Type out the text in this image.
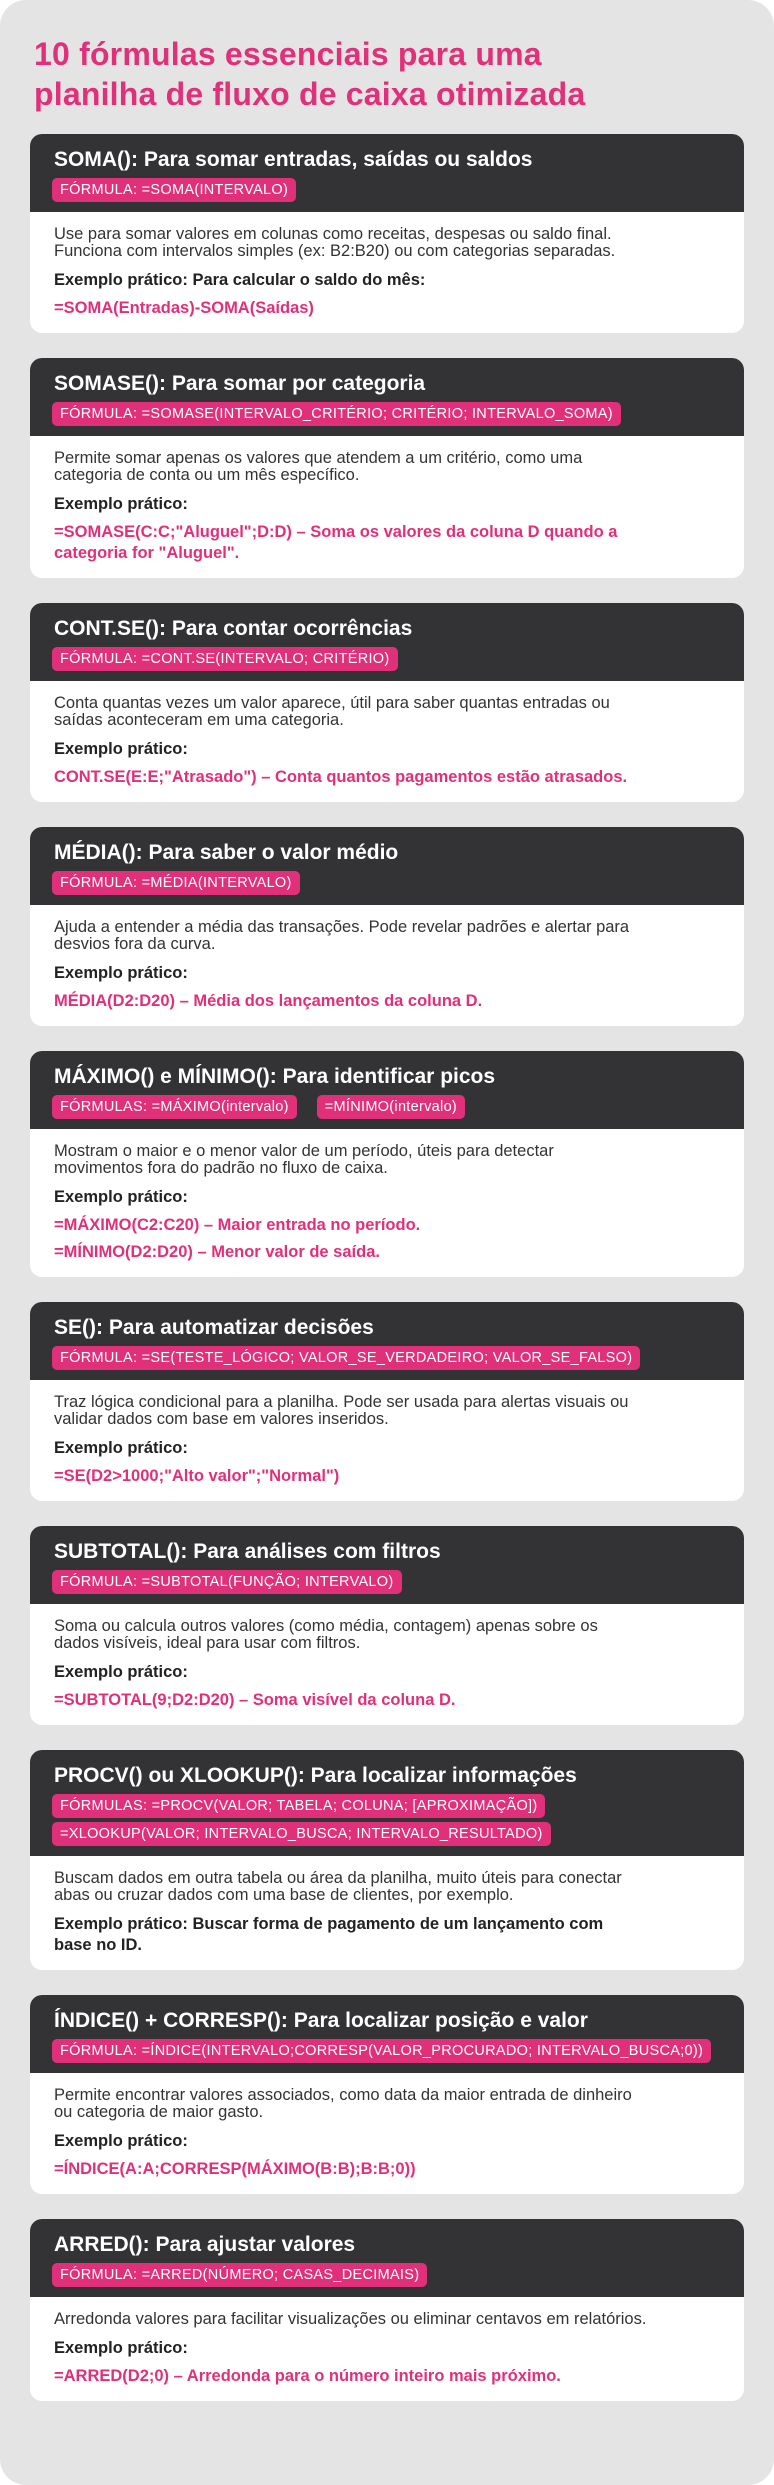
10 fórmulas essenciais para uma
planilha de fluxo de caixa otimizada
SOMA(): Para somar entradas, saídas ou saldos
FÓRMULA: =SOMA(INTERVALO)

Use para somar valores em colunas como receitas, despesas ou saldo final.
Funciona com intervalos simples (ex: B2:B20) ou com categorias separadas.

Exemplo prático: Para calcular o saldo do mês:

=SOMA(Entradas)-SOMA(Saídas)

SOMASE(): Para somar por categoria
FÓRMULA: =SOMASE(INTERVALO_CRITÉRIO; CRITÉRIO; INTERVALO_SOMA)

Permite somar apenas os valores que atendem a um critério, como uma
categoria de conta ou um mês específico.

Exemplo prático:

=SOMASE(C:C;"Aluguel";D:D) – Soma os valores da coluna D quando a

categoria for "Aluguel".

CONT.SE(): Para contar ocorrências
FÓRMULA: =CONT.SE(INTERVALO; CRITÉRIO)

Conta quantas vezes um valor aparece, útil para saber quantas entradas ou
saídas aconteceram em uma categoria.

Exemplo prático:

CONT.SE(E:E;"Atrasado") – Conta quantos pagamentos estão atrasados.

MÉDIA(): Para saber o valor médio
FÓRMULA: =MÉDIA(INTERVALO)

Ajuda a entender a média das transações. Pode revelar padrões e alertar para
desvios fora da curva.

Exemplo prático:

MÉDIA(D2:D20) – Média dos lançamentos da coluna D.

MÁXIMO() e MÍNIMO(): Para identificar picos
FÓRMULAS: =MÁXIMO(intervalo)	=MÍNIMO(intervalo)

Mostram o maior e o menor valor de um período, úteis para detectar
movimentos fora do padrão no fluxo de caixa.

Exemplo prático:

=MÁXIMO(C2:C20) – Maior entrada no período.

=MÍNIMO(D2:D20) – Menor valor de saída.

SE(): Para automatizar decisões
FÓRMULA: =SE(TESTE_LÓGICO; VALOR_SE_VERDADEIRO; VALOR_SE_FALSO)

Traz lógica condicional para a planilha. Pode ser usada para alertas visuais ou
validar dados com base em valores inseridos.

Exemplo prático:

=SE(D2>1000;"Alto valor";"Normal")

SUBTOTAL(): Para análises com filtros
FÓRMULA: =SUBTOTAL(FUNÇÃO; INTERVALO)

Soma ou calcula outros valores (como média, contagem) apenas sobre os
dados visíveis, ideal para usar com filtros.

Exemplo prático:

=SUBTOTAL(9;D2:D20) – Soma visível da coluna D.

PROCV() ou XLOOKUP(): Para localizar informações
FÓRMULAS: =PROCV(VALOR; TABELA; COLUNA; [APROXIMAÇÃO])
=XLOOKUP(VALOR; INTERVALO_BUSCA; INTERVALO_RESULTADO)

Buscam dados em outra tabela ou área da planilha, muito úteis para conectar
abas ou cruzar dados com uma base de clientes, por exemplo.

Exemplo prático: Buscar forma de pagamento de um lançamento com
base no ID.

ÍNDICE() + CORRESP(): Para localizar posição e valor
FÓRMULA: =ÍNDICE(INTERVALO;CORRESP(VALOR_PROCURADO; INTERVALO_BUSCA;0))

Permite encontrar valores associados, como data da maior entrada de dinheiro
ou categoria de maior gasto.

Exemplo prático:

=ÍNDICE(A:A;CORRESP(MÁXIMO(B:B);B:B;0))

ARRED(): Para ajustar valores
FÓRMULA: =ARRED(NÚMERO; CASAS_DECIMAIS)

Arredonda valores para facilitar visualizações ou eliminar centavos em relatórios.

Exemplo prático:

=ARRED(D2;0) – Arredonda para o número inteiro mais próximo.
